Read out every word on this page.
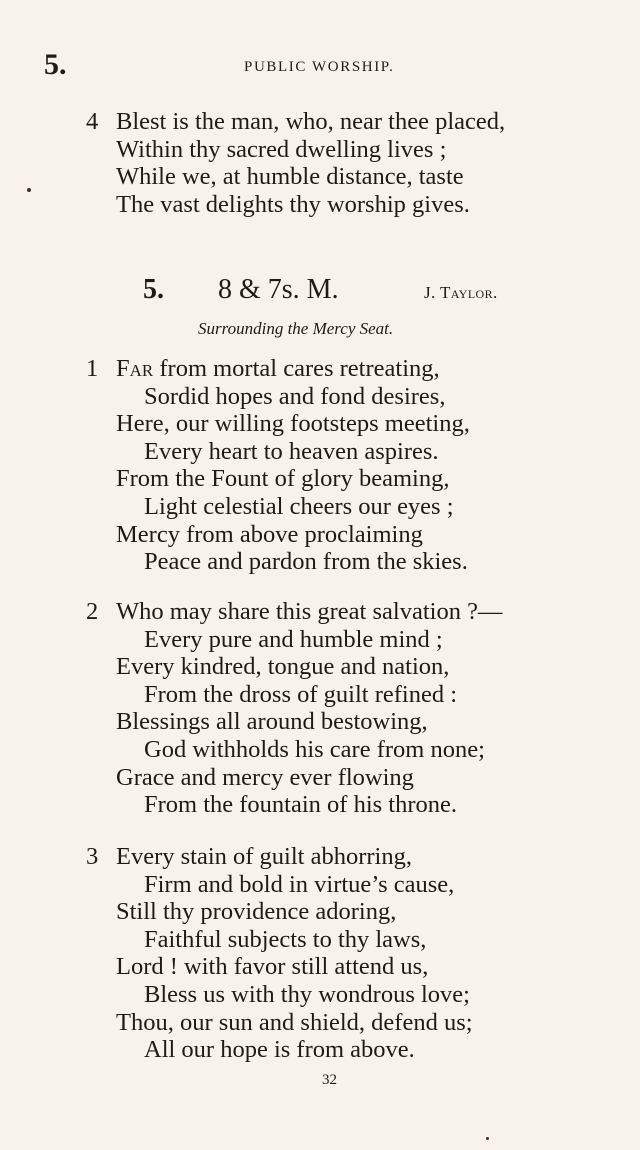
5.	PUBLIC WORSHIP.
4 Blest is the man, who, near thee placed,
Within thy sacred dwelling lives ;
While we, at humble distance, taste
The vast delights thy worship gives.
5. 8 & 7s. M.	J. Taylor.
Surrounding the Mercy Seat.
1 Far from mortal cares retreating,
Sordid hopes and fond desires,
Here, our willing footsteps meeting,
Every heart to heaven aspires.
From the Fount of glory beaming,
Light celestial cheers our eyes ;
Mercy from above proclaiming
Peace and pardon from the skies.
2 Who may share this great salvation ?—
Every pure and humble mind ;
Every kindred, tongue and nation,
From the dross of guilt refined :
Blessings all around bestowing,
God withholds his care from none;
Grace and mercy ever flowing
From the fountain of his throne.
3 Every stain of guilt abhorring,
Firm and bold in virtue’s cause,
Still thy providence adoring,
Faithful subjects to thy laws,
Lord ! with favor still attend us,
Bless us with thy wondrous love;
Thou, our sun and shield, defend us;
All our hope is from above.
32
